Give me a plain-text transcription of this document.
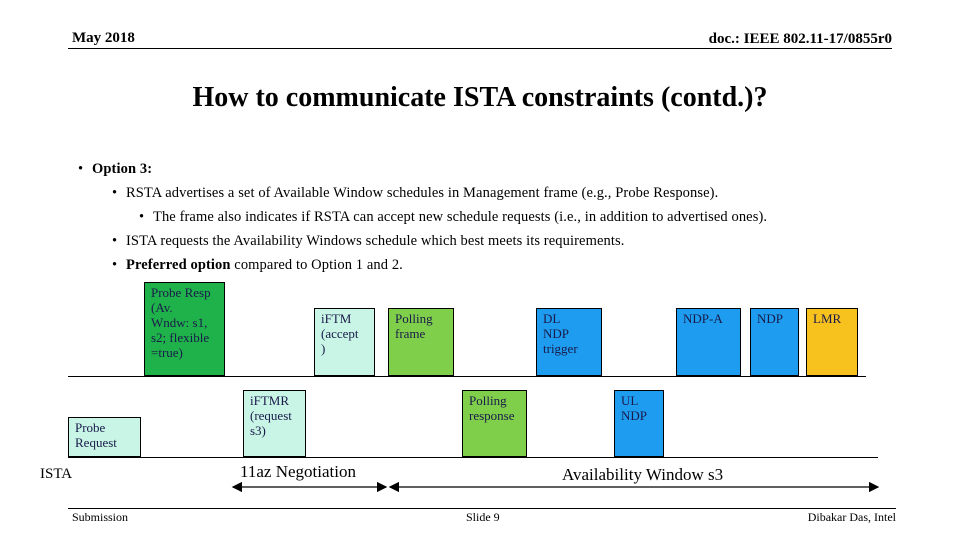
May 2018	doc.: IEEE 802.11-17/0855r0
How to communicate ISTA constraints (contd.)?
• Option 3:
• RSTA advertises a set of Available Window schedules in Management frame (e.g., Probe Response).
• The frame also indicates if RSTA can accept new schedule requests (i.e., in addition to advertised ones).
• ISTA requests the Availability Windows schedule which best meets its requirements.
• Preferred option compared to Option 1 and 2.
Probe Resp
(Av.
Wndw: s1,
s2; flexible
=true)
iFTM
(accept
)
Polling
frame
DL
NDP
trigger
NDP-A	NDP	LMR
Probe
Request
iFTMR
(request
s3)
Polling
response
UL
NDP
ISTA	11az Negotiation	Availability Window s3
Submission	Slide 9	Dibakar Das, Intel
